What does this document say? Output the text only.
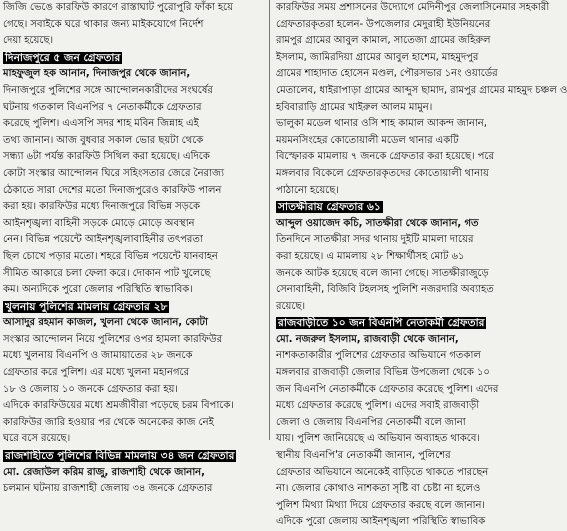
জিজি ভেঙে কারফিউ কারণে রাস্তাঘাট পুরোপুরি ফাঁকা হয়ে
গেছে। সবাইকে ঘরে থাকার জন্য মাইকযোগে নির্দেশ
দেয়া হয়েছে।
দিনাজপুরে ৫ জন গ্রেফতার
মাহফুজুল হক আনান, দিনাজপুর থেকে জানান,
দিনাজপুরে পুলিশের সঙ্গে আন্দোলনকারীদের সংঘর্ষের
ঘটনায় গতকাল বিএনপির ৭ নেতাকর্মীকে গ্রেফতার
করেছে পুলিশ। এএসপি সদর শাহ মবিন জিন্নাহ এই
তথ্য জানান। আজ বুধবার সকাল ভোর ছয়টা থেকে
সন্ধ্যা ৬টা পর্যন্ত কারফিউ সিথিল করা হয়েছে। এদিকে
কোটা সংস্কার আন্দোলন ঘিরে সহিংসতার জেরে নৈরাজ্য
ঠেকাতে সারা দেশের মতো দিনাজপুরেও কারফিউ পালন
করা হয়। কারফিউর মধ্যে দিনাজপুরে বিভিন্ন সড়কে
আইনশৃঙ্খলা বাহিনী সড়কে মোড়ে মোড়ে অবস্থান
নেন। বিভিন্ন পয়েন্টে আইনশৃঙ্খলাবাহিনীর তৎপরতা
ছিল চোখে পড়ার মতো। শহরে বিভিন্ন পয়েন্টে যানবাহন
সীমিত আকারে চলা ফেলা করে। দোকান পাট খুলেছে
কম। অন্যদিকে পুরো জেলার পরিস্থিতি স্বাভাবিক।
খুলনায় পুলিশের মামলায় গ্রেফতার ২৮
আসাদুর রহমান কাজল, খুলনা থেকে জানান, কোটা
সংস্কার আন্দোলন নিয়ে পুলিশের ওপর হামলা কারফিউর
মধ্যে খুলনায় বিএনপি ও জামায়াতের ২৮ জনকে
গ্রেফতার করে পুলিশ। এর মধ্যে খুলনা মহানগরে
১৮ ও জেলায় ১০ জনকে গ্রেফতার করা হয়।
এদিকে কারফিউয়ের মধ্যে শ্রমজীবীরা পড়েছে চরম বিপাকে।
কারফিউর জারি হওয়ার পর থেকে অনেকের কাজ নেই
ঘরে বসে রয়েছে।
রাজশাহীতে পুলিশের বিভিন্ন মামলায় ৩৪ জন গ্রেফতার
মো. রেজাউল করিম রাজু, রাজশাহী থেকে জানান,
চলমান ঘটনায় রাজশাহী জেলায় ৩৪ জনকে গ্রেফতার
কারফিউর সময় প্রশাসনের উদ্যোগে মেদিনীপুর জেলাসিনেমার সহকারী
গ্রেফতারকৃতরা হলেন- উপজেলার মেদুরাহী ইউনিয়নের
রামপুর গ্রামের আবুল কামাল, সাতেজা গ্রামের জহিরুল
ইসলাম, জামিরদিয়া গ্রামের আবুল হাশেম, মাহমুদপুর
গ্রামের শাহাদাত হোসেন মণ্ডল, পৌরসভার ১নং ওয়ার্ডের
মেতালেব, ধাইরাপাড়া গ্রামের আব্দুস ছামাদ, রামপুর গ্রামের মাহমুদ চঞ্চল ও
হবিবারাড়ি গ্রামের খাইরুল আলম মামুন।
ভালুকা মডেল থানার ওসি শাহ কামাল আকন্দ জানান,
ময়মনসিংহের কোতোয়ালী মডেল থানার একটি
বিস্ফোরক মামলায় ৭ জনকে গ্রেফতার করা হয়েছে। পরে
মঙ্গলবার বিকেলে গ্রেফতারকৃতদের কোতোয়ালী থানায়
পাঠানো হয়েছে।
সাতক্ষীরায় গ্রেফতার ৬১
আব্দুল ওয়াজেদ কচি, সাতক্ষীরা থেকে জানান, গত
তিনদিনে সাতক্ষীরা সদর থানায় দুইটি মামলা দায়ের
করা হয়েছে। এ মামলায় ২৮ শিক্ষার্থীসহ মোট ৬১
জনকে আটক হয়েছে বলে জানা গেছে। সাতক্ষীরাজুড়ে
সেনাবাহিনী, বিজিবি টহলসহ পুলিশি নজরদারি অব্যাহত
রয়েছে।
রাজবাড়ীতে ১০ জন বিএনপি নেতাকর্মী গ্রেফতার
মো. নজরুল ইসলাম, রাজবাড়ী থেকে জানান,
নাশকতাকারীর পুলিশের গ্রেফতার অভিযানে গতকাল
মঙ্গলবার রাজবাড়ী জেলার বিভিন্ন উপজেলা থেকে ১০
জন বিএনপি নেতাকর্মীকে গ্রেফতার করেছে পুলিশ। এদের
মধ্যে গ্রেফতার করেছে পুলিশ। এদের সবাই রাজবাড়ী
জেলা ও জেলায় বিএনপির নেতাকর্মী বলে জানা
যায়। পুলিশ জানিয়েছে এ অভিযান অব্যাহত থাকবে।
স্থানীয় বিএনপি'র নেতাকর্মী জানান, পুলিশের
গ্রেফতার অভিযানে অনেকেই বাড়িতে থাকতে পারছেন
না। জেলার কোথাও নাশকতা সৃষ্টি বা চেষ্টা না হলেও
পুলিশ মিথ্যা মিথ্যা দিয়ে গ্রেফতার করছে বলে জানান।
এদিকে পুরো জেলায় আইনশৃঙ্খলা পরিস্থিতি স্বাভাবিক
